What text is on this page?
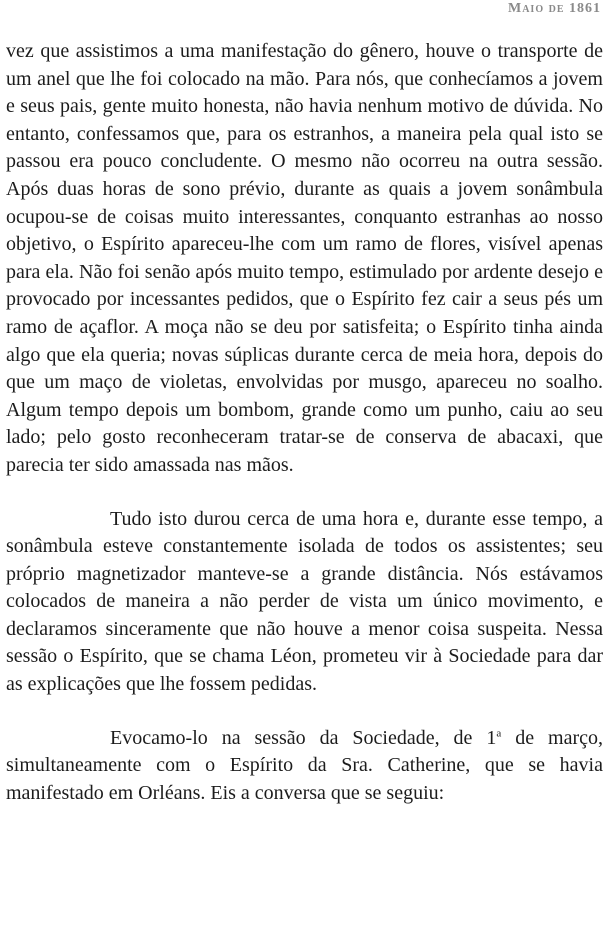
Maio de 1861

vez que assistimos a uma manifestação do gênero, houve o transporte de um anel que lhe foi colocado na mão. Para nós, que conhecíamos a jovem e seus pais, gente muito honesta, não havia nenhum motivo de dúvida. No entanto, confessamos que, para os estranhos, a maneira pela qual isto se passou era pouco concludente. O mesmo não ocorreu na outra sessão. Após duas horas de sono prévio, durante as quais a jovem sonâmbula ocupou-se de coisas muito interessantes, conquanto estranhas ao nosso objetivo, o Espírito apareceu-lhe com um ramo de flores, visível apenas para ela. Não foi senão após muito tempo, estimulado por ardente desejo e provocado por incessantes pedidos, que o Espírito fez cair a seus pés um ramo de açaflor. A moça não se deu por satisfeita; o Espírito tinha ainda algo que ela queria; novas súplicas durante cerca de meia hora, depois do que um maço de violetas, envolvidas por musgo, apareceu no soalho. Algum tempo depois um bombom, grande como um punho, caiu ao seu lado; pelo gosto reconheceram tratar-se de conserva de abacaxi, que parecia ter sido amassada nas mãos.

Tudo isto durou cerca de uma hora e, durante esse tempo, a sonâmbula esteve constantemente isolada de todos os assistentes; seu próprio magnetizador manteve-se a grande distância. Nós estávamos colocados de maneira a não perder de vista um único movimento, e declaramos sinceramente que não houve a menor coisa suspeita. Nessa sessão o Espírito, que se chama Léon, prometeu vir à Sociedade para dar as explicações que lhe fossem pedidas.

Evocamo-lo na sessão da Sociedade, de 1$^a$ de março, simultaneamente com o Espírito da Sra. Catherine, que se havia manifestado em Orléans. Eis a conversa que se seguiu:
